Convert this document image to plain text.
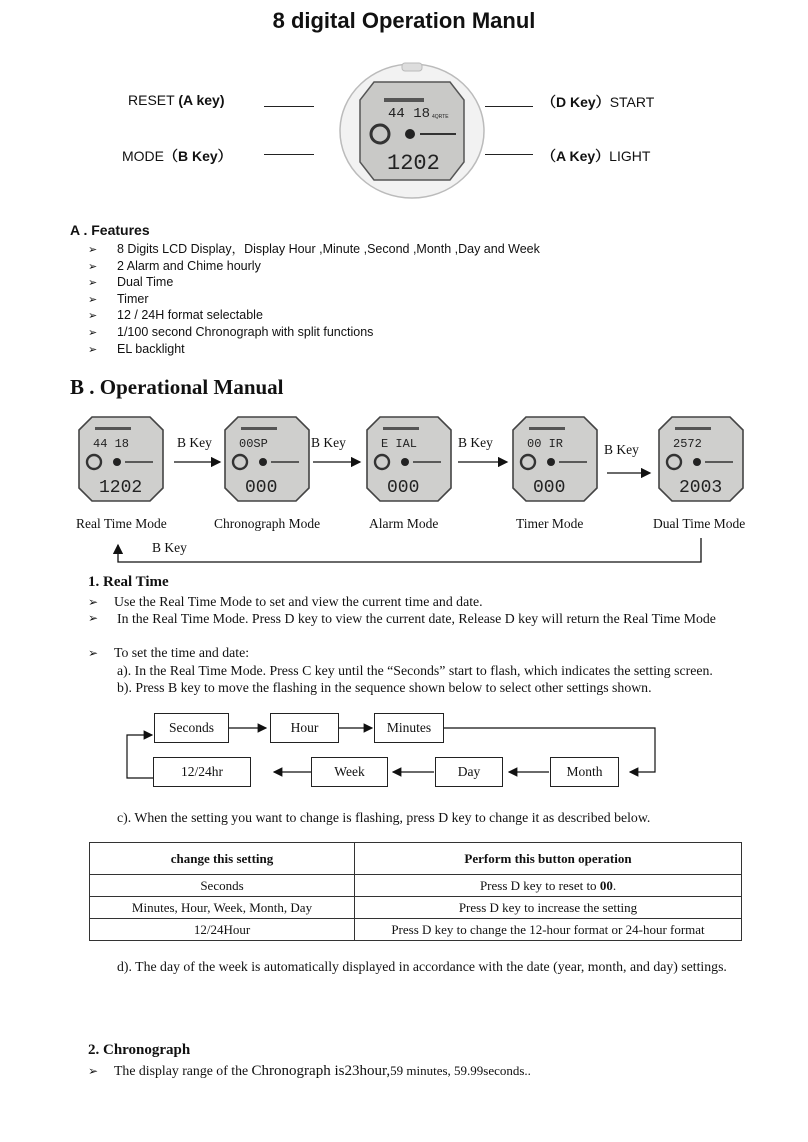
8 digital Operation Manul
RESET (A key)
MODE（B Key）
（D Key）START
（A Key）LIGHT
44 18 4QRTE
1202
A . Features
➢ 8 Digits LCD Display，Display Hour ,Minute ,Second ,Month ,Day and Week
➢ 2 Alarm and Chime hourly
➢ Dual Time
➢ Timer
➢ 12 / 24H format selectable
➢ 1/100 second Chronograph with split functions
➢ EL backlight
B . Operational Manual
44 18
1202
00SP
000
E IAL
000
00 IR
000
2572
2003
Real Time Mode	Chronograph Mode	Alarm Mode	Timer Mode	Dual Time Mode
B Key	B Key	B Key	B Key
B Key
1. Real Time
➢ Use the Real Time Mode to set and view the current time and date.
➢	In the Real Time Mode. Press D key to view the current date, Release D key will return the Real Time Mode
➢ To set the time and date:
a). In the Real Time Mode. Press C key until the “Seconds” start to flash, which indicates the setting screen.
b). Press B key to move the flashing in the sequence shown below to select other settings shown.
Seconds	Hour	Minutes
Month
Day
Week
12/24hr
c). When the setting you want to change is flashing, press D key to change it as described below.
change this setting	Perform this button operation
Seconds	Press D key to reset to 00.
Minutes, Hour, Week, Month, Day	Press D key to increase the setting
12/24Hour	Press D key to change the 12-hour format or 24-hour format
d). The day of the week is automatically displayed in accordance with the date (year, month, and day) settings.
2. Chronograph
➢ The display range of the Chronograph is23hour,59 minutes, 59.99seconds..
